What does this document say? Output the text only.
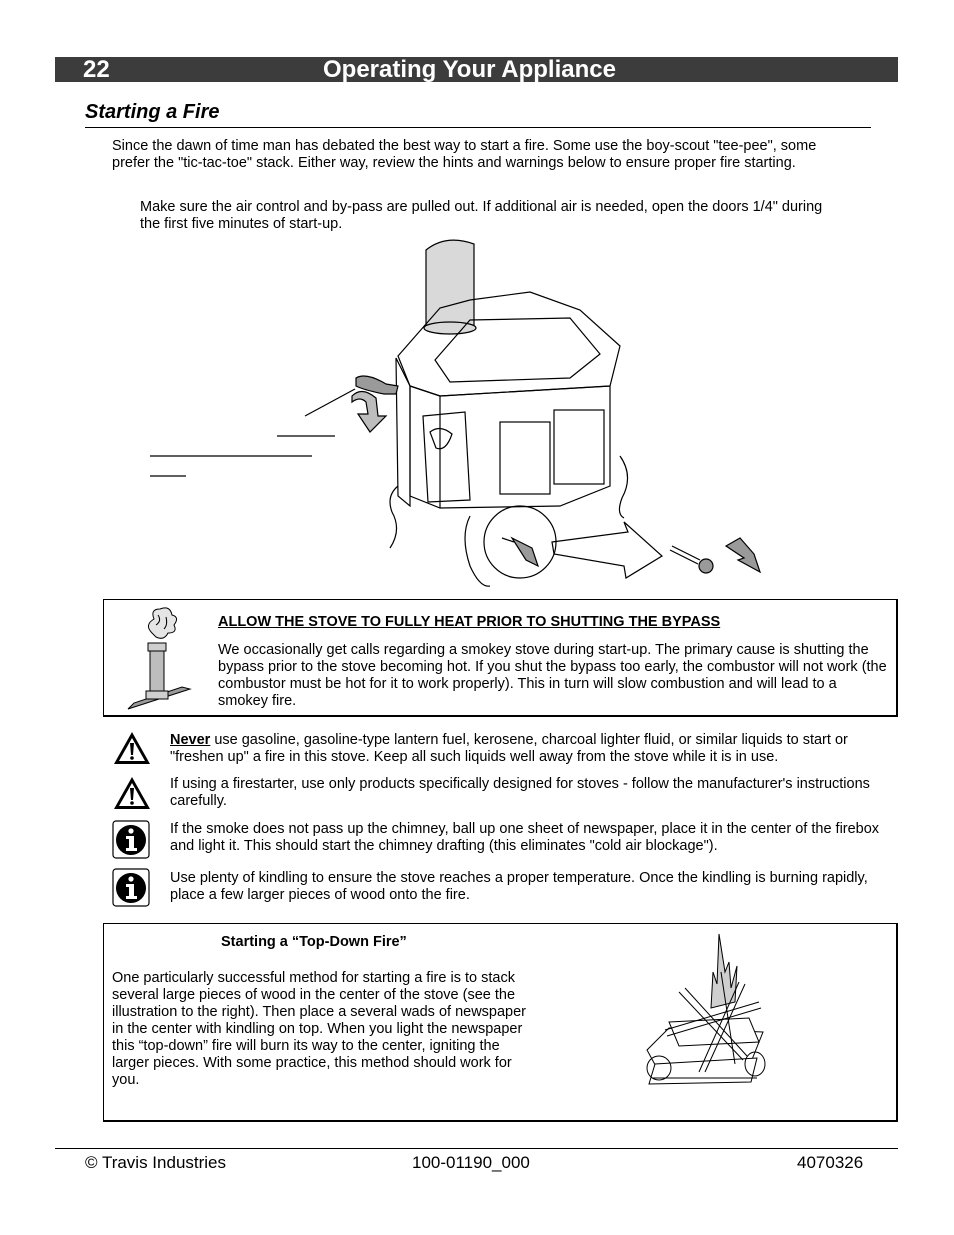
22	Operating Your Appliance
Starting a Fire
Since the dawn of time man has debated the best way to start a fire. Some use the boy-scout "tee-pee", some prefer the "tic-tac-toe" stack. Either way, review the hints and warnings below to ensure proper fire starting.
Make sure the air control and by-pass are pulled out. If additional air is needed, open the doors 1/4" during the first five minutes of start-up.
ALLOW THE STOVE TO FULLY HEAT PRIOR TO SHUTTING THE BYPASS
We occasionally get calls regarding a smokey stove during start-up. The primary cause is shutting the bypass prior to the stove becoming hot. If you shut the bypass too early, the combustor will not work (the combustor must be hot for it to work properly). This in turn will slow combustion and will lead to a smokey fire.
Never use gasoline, gasoline-type lantern fuel, kerosene, charcoal lighter fluid, or similar liquids to start or "freshen up" a fire in this stove. Keep all such liquids well away from the stove while it is in use.
If using a firestarter, use only products specifically designed for stoves - follow the manufacturer's instructions carefully.
If the smoke does not pass up the chimney, ball up one sheet of newspaper, place it in the center of the firebox and light it. This should start the chimney drafting (this eliminates "cold air blockage").
Use plenty of kindling to ensure the stove reaches a proper temperature. Once the kindling is burning rapidly, place a few larger pieces of wood onto the fire.
Starting a “Top-Down Fire”
One particularly successful method for starting a fire is to stack several large pieces of wood in the center of the stove (see the illustration to the right). Then place a several wads of newspaper in the center with kindling on top. When you light the newspaper this “top-down” fire will burn its way to the center, igniting the larger pieces. With some practice, this method should work for you.
© Travis Industries	100-01190_000	4070326
